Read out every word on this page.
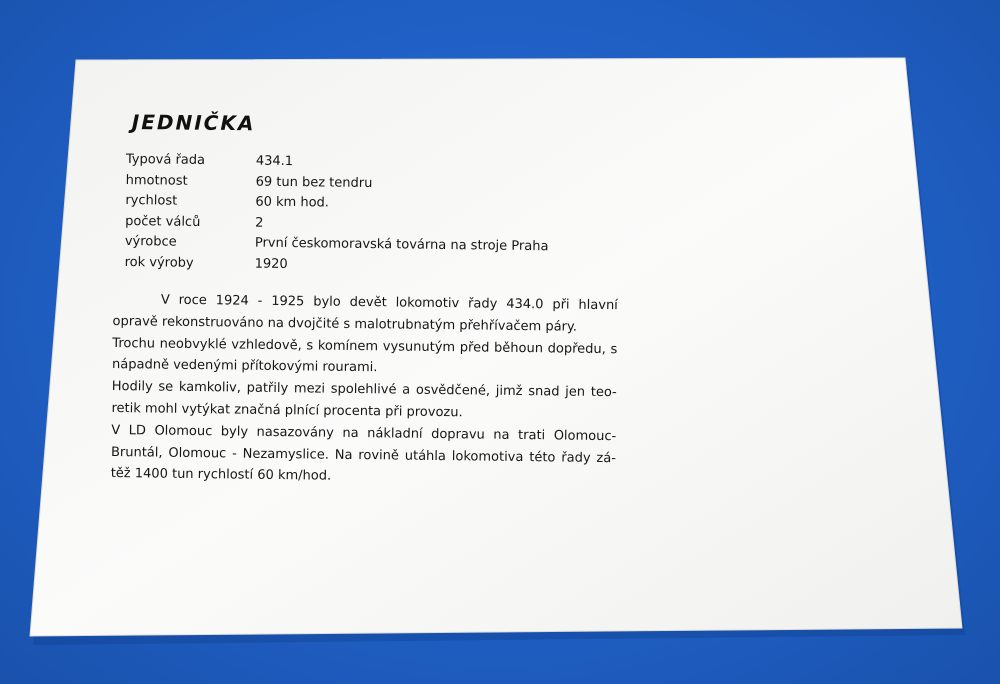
JEDNIČKA
Typová řada	434.1
hmotnost	69 tun bez tendru
rychlost	60 km hod.
počet válců	2
výrobce	První českomoravská továrna na stroje Praha
rok výroby	1920
V roce 1924 - 1925 bylo devět lokomotiv řady 434.0 při hlavní
opravě rekonstruováno na dvojčité s malotrubnatým přehřívačem páry.
Trochu neobvyklé vzhledově, s komínem vysunutým před běhoun dopředu, s
nápadně vedenými přítokovými rourami.
Hodily se kamkoliv, patřily mezi spolehlivé a osvědčené, jimž snad jen teo-
retik mohl vytýkat značná plnící procenta při provozu.
V LD Olomouc byly nasazovány na nákladní dopravu na trati Olomouc-
Bruntál, Olomouc - Nezamyslice. Na rovině utáhla lokomotiva této řady zá-
těž 1400 tun rychlostí 60 km/hod.
